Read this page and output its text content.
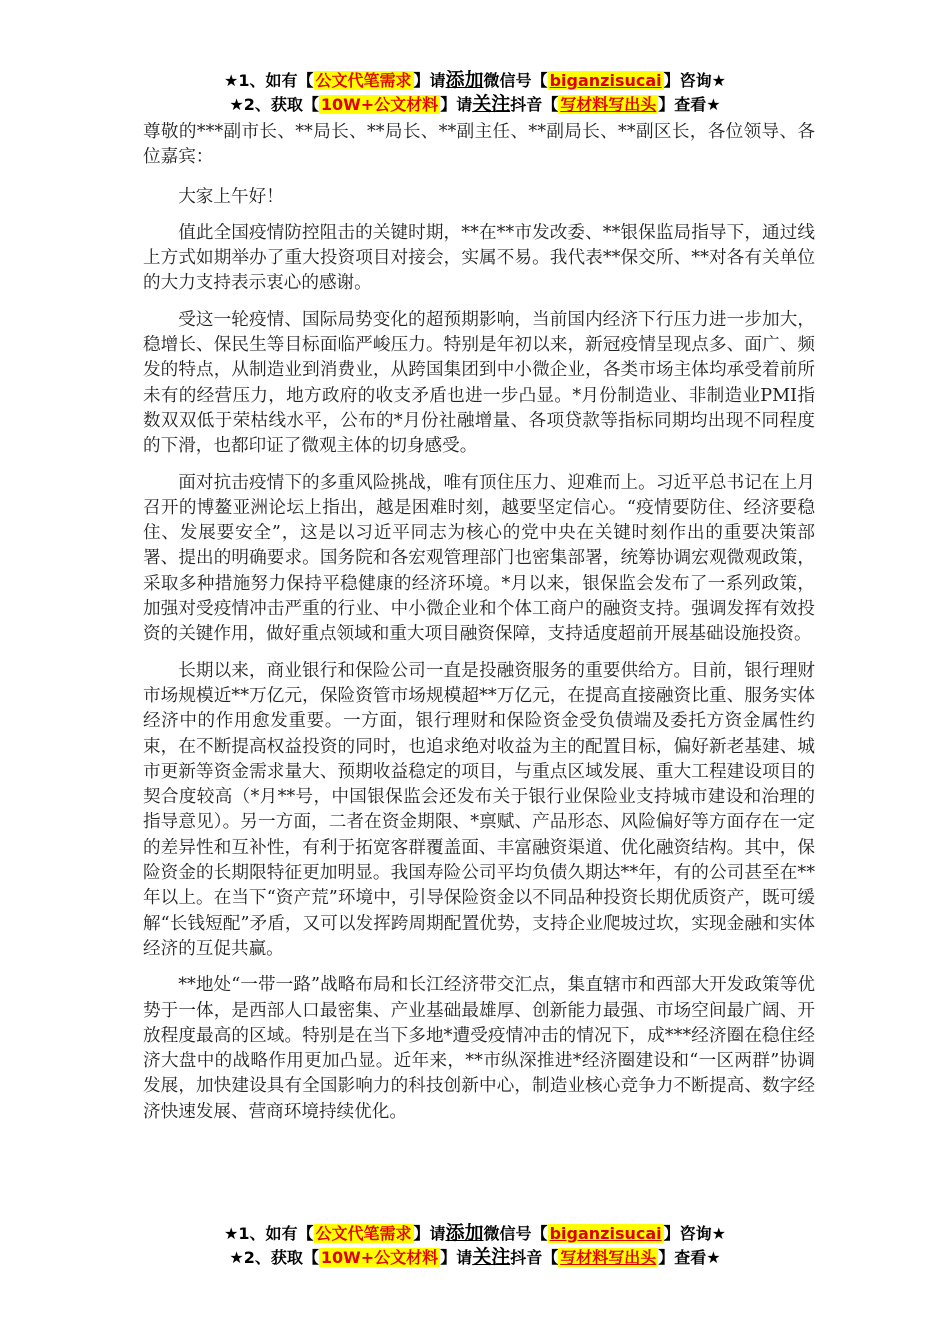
★1、如有【 公文代笔需求 】请添加微信号【 biganzisucai 】咨询★
★2、获取【 10W+公文材料 】请关注抖音【 写材料写出头 】查看★

尊敬的***副市长、**局长、**局长、**副主任、**副局长、**副区长，各位领导、各位嘉宾：

大家上午好！

值此全国疫情防控阻击的关键时期，**在**市发改委、**银保监局指导下，通过线上方式如期举办了重大投资项目对接会，实属不易。我代表**保交所、**对各有关单位的大力支持表示衷心的感谢。

受这一轮疫情、国际局势变化的超预期影响，当前国内经济下行压力进一步加大，稳增长、保民生等目标面临严峻压力。特别是年初以来，新冠疫情呈现点多、面广、频发的特点，从制造业到消费业，从跨国集团到中小微企业，各类市场主体均承受着前所未有的经营压力，地方政府的收支矛盾也进一步凸显。*月份制造业、非制造业PMI指数双双低于荣枯线水平，公布的*月份社融增量、各项贷款等指标同期均出现不同程度的下滑，也都印证了微观主体的切身感受。

面对抗击疫情下的多重风险挑战，唯有顶住压力、迎难而上。习近平总书记在上月召开的博鳌亚洲论坛上指出，越是困难时刻，越要坚定信心。“疫情要防住、经济要稳住、发展要安全”，这是以习近平同志为核心的党中央在关键时刻作出的重要决策部署、提出的明确要求。国务院和各宏观管理部门也密集部署，统筹协调宏观微观政策，采取多种措施努力保持平稳健康的经济环境。*月以来，银保监会发布了一系列政策，加强对受疫情冲击严重的行业、中小微企业和个体工商户的融资支持。强调发挥有效投资的关键作用，做好重点领域和重大项目融资保障，支持适度超前开展基础设施投资。

长期以来，商业银行和保险公司一直是投融资服务的重要供给方。目前，银行理财市场规模近**万亿元，保险资管市场规模超**万亿元，在提高直接融资比重、服务实体经济中的作用愈发重要。一方面，银行理财和保险资金受负债端及委托方资金属性约束，在不断提高权益投资的同时，也追求绝对收益为主的配置目标，偏好新老基建、城市更新等资金需求量大、预期收益稳定的项目，与重点区域发展、重大工程建设项目的契合度较高（*月**号，中国银保监会还发布关于银行业保险业支持城市建设和治理的指导意见）。另一方面，二者在资金期限、*禀赋、产品形态、风险偏好等方面存在一定的差异性和互补性，有利于拓宽客群覆盖面、丰富融资渠道、优化融资结构。其中，保险资金的长期限特征更加明显。我国寿险公司平均负债久期达**年，有的公司甚至在**年以上。在当下“资产荒”环境中，引导保险资金以不同品种投资长期优质资产，既可缓解“长钱短配”矛盾，又可以发挥跨周期配置优势，支持企业爬坡过坎，实现金融和实体经济的互促共赢。

**地处“一带一路”战略布局和长江经济带交汇点，集直辖市和西部大开发政策等优势于一体，是西部人口最密集、产业基础最雄厚、创新能力最强、市场空间最广阔、开放程度最高的区域。特别是在当下多地*遭受疫情冲击的情况下，成***经济圈在稳住经济大盘中的战略作用更加凸显。近年来，**市纵深推进*经济圈建设和“一区两群”协调发展，加快建设具有全国影响力的科技创新中心，制造业核心竞争力不断提高、数字经济快速发展、营商环境持续优化。

★1、如有【 公文代笔需求 】请添加微信号【 biganzisucai 】咨询★
★2、获取【 10W+公文材料 】请关注抖音【 写材料写出头 】查看★
